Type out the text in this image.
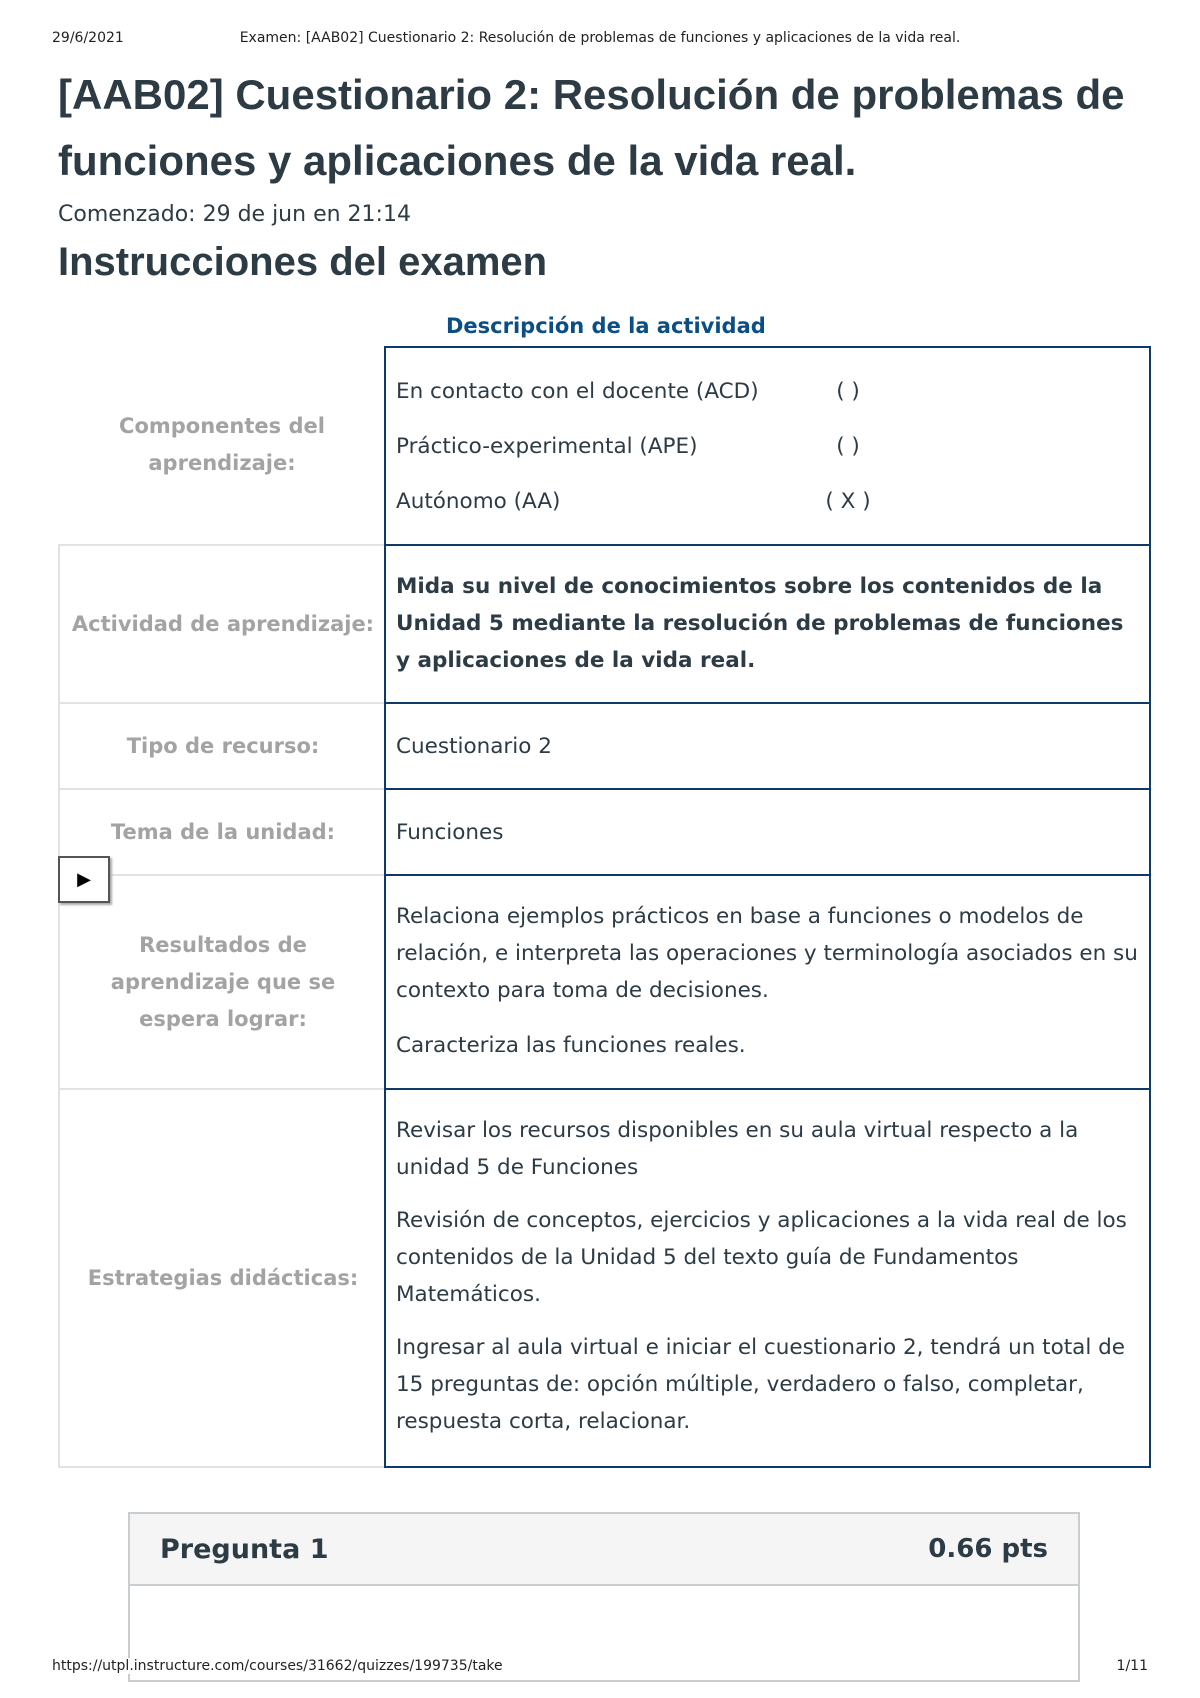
29/6/2021	Examen: [AAB02] Cuestionario 2: Resolución de problemas de funciones y aplicaciones de la vida real.
[AAB02] Cuestionario 2: Resolución de problemas de funciones y aplicaciones de la vida real.
Comenzado: 29 de jun en 21:14
Instrucciones del examen
Descripción de la actividad
Componentes del aprendizaje:
En contacto con el docente (ACD)	( )
Práctico-experimental (APE)	( )
Autónomo (AA)	( X )
Actividad de aprendizaje:

Mida su nivel de conocimientos sobre los contenidos de la Unidad 5 mediante la resolución de problemas de funciones y aplicaciones de la vida real.

Tipo de recurso:	Cuestionario 2

Tema de la unidad:	Funciones

Resultados de aprendizaje que se espera lograr:

Relaciona ejemplos prácticos en base a funciones o modelos de relación, e interpreta las operaciones y terminología asociados en su contexto para toma de decisiones.

Caracteriza las funciones reales.

Estrategias didácticas:

Revisar los recursos disponibles en su aula virtual respecto a la unidad 5 de Funciones

Revisión de conceptos, ejercicios y aplicaciones a la vida real de los contenidos de la Unidad 5 del texto guía de Fundamentos Matemáticos.

Ingresar al aula virtual e iniciar el cuestionario 2, tendrá un total de 15 preguntas de: opción múltiple, verdadero o falso, completar, respuesta corta, relacionar.

▶
Pregunta 1	0.66 pts
https://utpl.instructure.com/courses/31662/quizzes/199735/take	1/11
